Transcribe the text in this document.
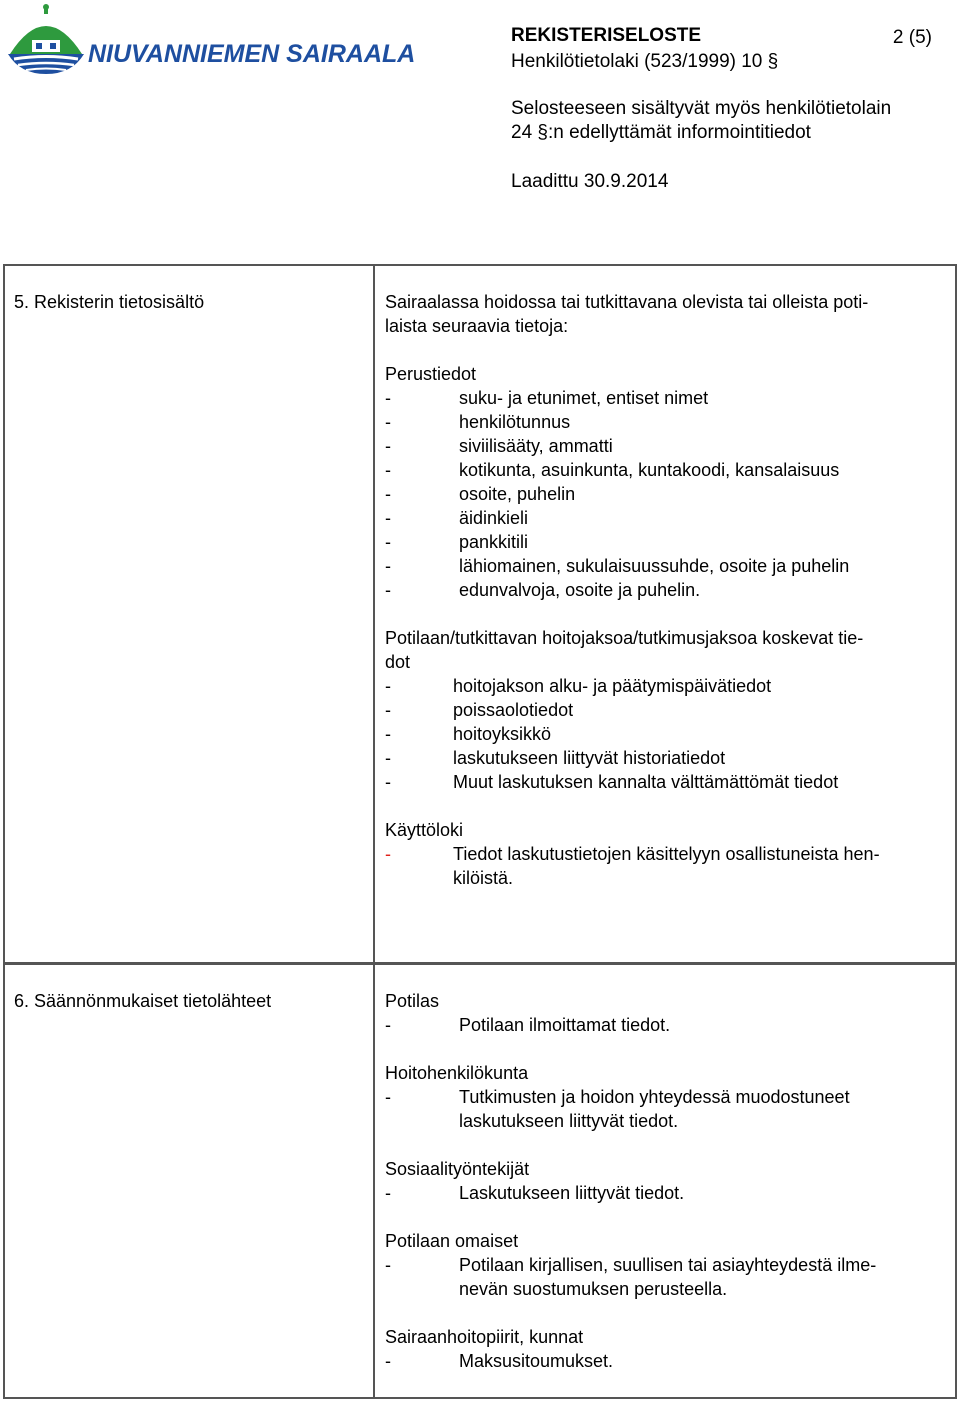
NIUVANNIEMEN SAIRAALA
REKISTERISELOSTE	2 (5)
Henkilötietolaki (523/1999) 10 §
Selosteeseen sisältyvät myös henkilötietolain
24 §:n edellyttämät informointitiedot
Laadittu 30.9.2014
5. Rekisterin tietosisältö	Sairaalassa hoidossa tai tutkittavana olevista tai olleista poti-

laista seuraavia tietoja:

Perustiedot

-	suku- ja etunimet, entiset nimet
-	henkilötunnus
-	siviilisääty, ammatti
-	kotikunta, asuinkunta, kuntakoodi, kansalaisuus
-	osoite, puhelin
-	äidinkieli
-	pankkitili
-	lähiomainen, sukulaisuussuhde, osoite ja puhelin
-	edunvalvoja, osoite ja puhelin.

Potilaan/tutkittavan hoitojaksoa/tutkimusjaksoa koskevat tie-

dot

-	hoitojakson alku- ja päätymispäivätiedot
-	poissaolotiedot
-	hoitoyksikkö
-	laskutukseen liittyvät historiatiedot
-	Muut laskutuksen kannalta välttämättömät tiedot

Käyttöloki

-	Tiedot laskutustietojen käsittelyyn osallistuneista hen-
kilöistä.
6. Säännönmukaiset tietolähteet	Potilas

-	Potilaan ilmoittamat tiedot.

Hoitohenkilökunta

-	Tutkimusten ja hoidon yhteydessä muodostuneet
laskutukseen liittyvät tiedot.

Sosiaalityöntekijät

-	Laskutukseen liittyvät tiedot.

Potilaan omaiset

-	Potilaan kirjallisen, suullisen tai asiayhteydestä ilme-
nevän suostumuksen perusteella.

Sairaanhoitopiirit, kunnat

-	Maksusitoumukset.
